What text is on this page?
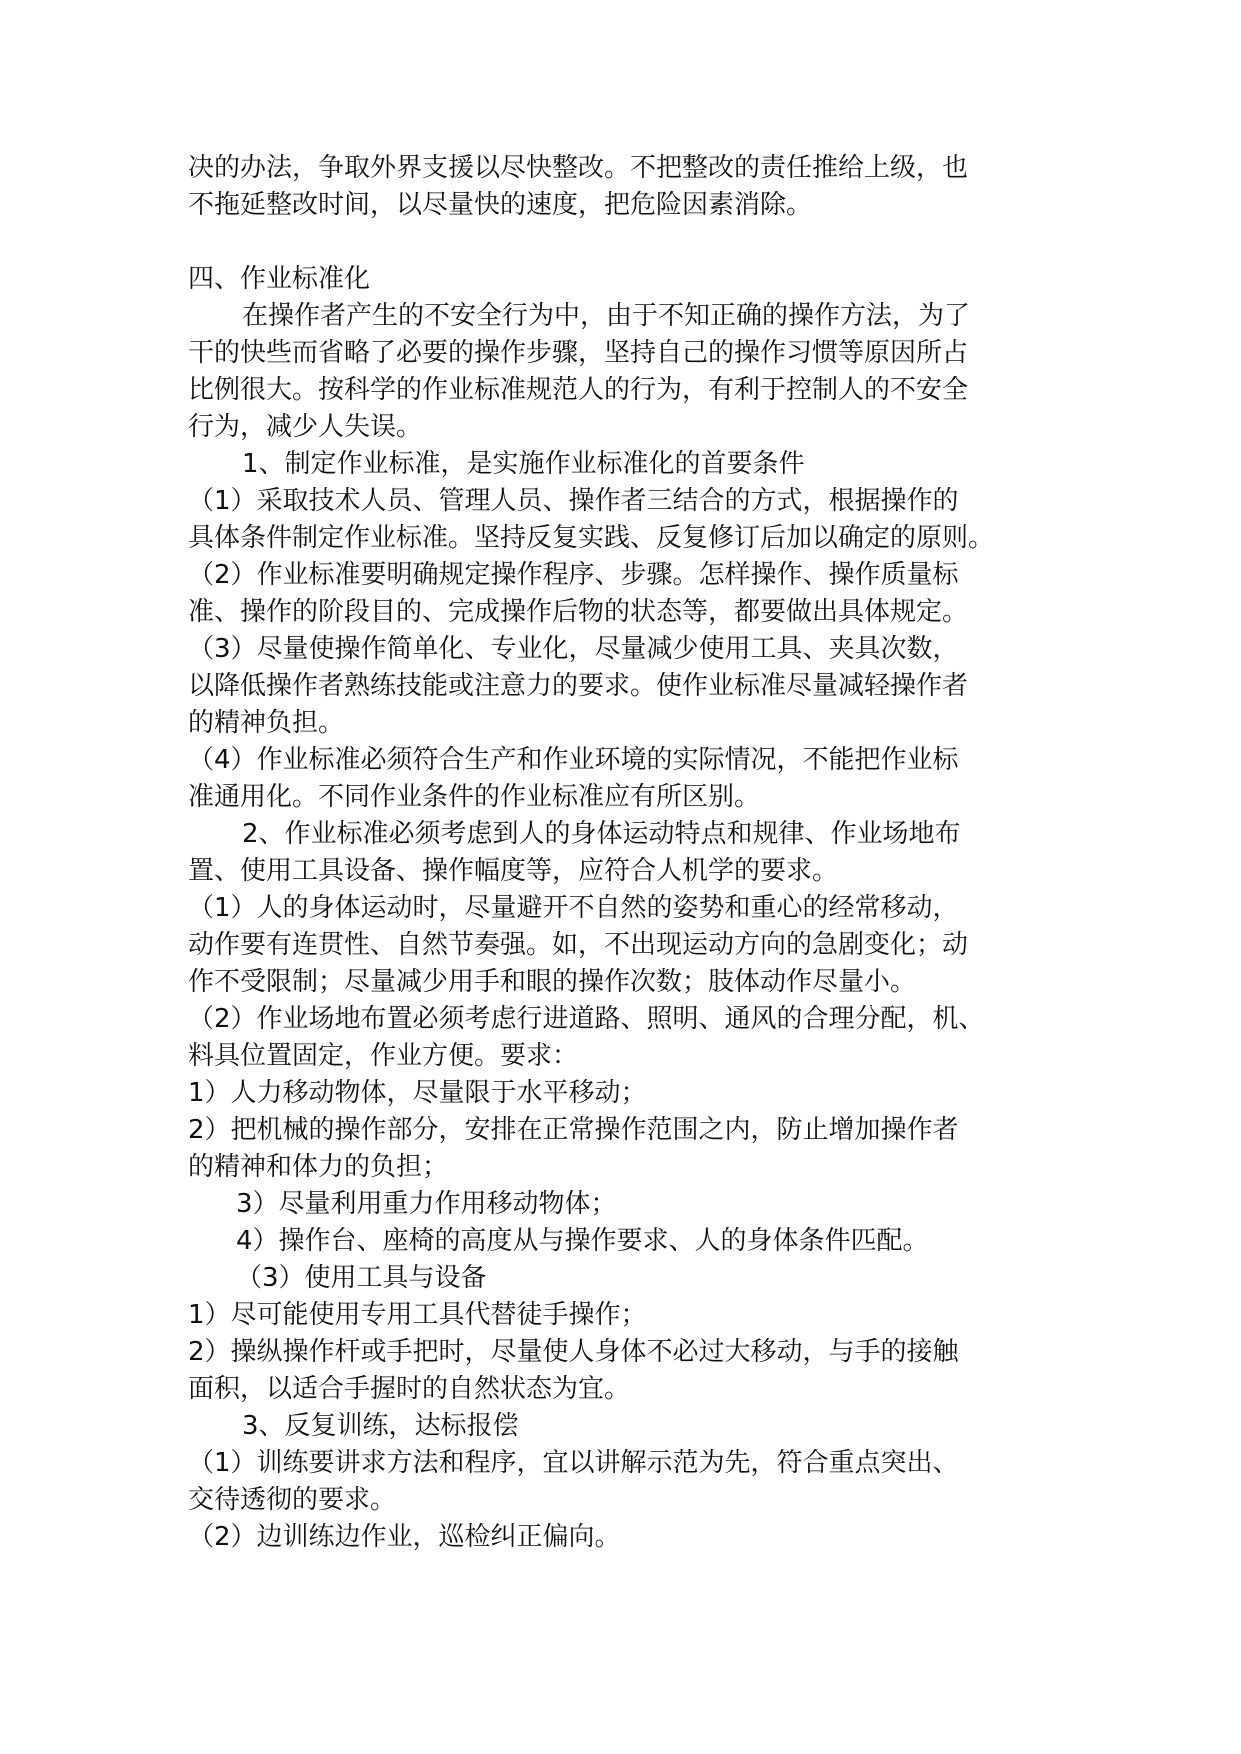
决的办法，争取外界支援以尽快整改。不把整改的责任推给上级，也

不拖延整改时间，以尽量快的速度，把危险因素消除。

四、作业标准化

在操作者产生的不安全行为中，由于不知正确的操作方法，为了

干的快些而省略了必要的操作步骤，坚持自己的操作习惯等原因所占

比例很大。按科学的作业标准规范人的行为，有利于控制人的不安全

行为，减少人失误。

1、制定作业标准，是实施作业标准化的首要条件

（1）采取技术人员、管理人员、操作者三结合的方式，根据操作的

具体条件制定作业标准。坚持反复实践、反复修订后加以确定的原则。

（2）作业标准要明确规定操作程序、步骤。怎样操作、操作质量标

准、操作的阶段目的、完成操作后物的状态等，都要做出具体规定。

（3）尽量使操作简单化、专业化，尽量减少使用工具、夹具次数，

以降低操作者熟练技能或注意力的要求。使作业标准尽量减轻操作者

的精神负担。

（4）作业标准必须符合生产和作业环境的实际情况，不能把作业标

准通用化。不同作业条件的作业标准应有所区别。

2、作业标准必须考虑到人的身体运动特点和规律、作业场地布

置、使用工具设备、操作幅度等，应符合人机学的要求。

（1）人的身体运动时，尽量避开不自然的姿势和重心的经常移动，

动作要有连贯性、自然节奏强。如，不出现运动方向的急剧变化；动

作不受限制；尽量减少用手和眼的操作次数；肢体动作尽量小。

（2）作业场地布置必须考虑行进道路、照明、通风的合理分配，机、

料具位置固定，作业方便。要求：

1）人力移动物体，尽量限于水平移动；

2）把机械的操作部分，安排在正常操作范围之内，防止增加操作者

的精神和体力的负担；

3）尽量利用重力作用移动物体；

4）操作台、座椅的高度从与操作要求、人的身体条件匹配。

（3）使用工具与设备

1）尽可能使用专用工具代替徒手操作；

2）操纵操作杆或手把时，尽量使人身体不必过大移动，与手的接触

面积，以适合手握时的自然状态为宜。

3、反复训练，达标报偿

（1）训练要讲求方法和程序，宜以讲解示范为先，符合重点突出、

交待透彻的要求。

（2）边训练边作业，巡检纠正偏向。
